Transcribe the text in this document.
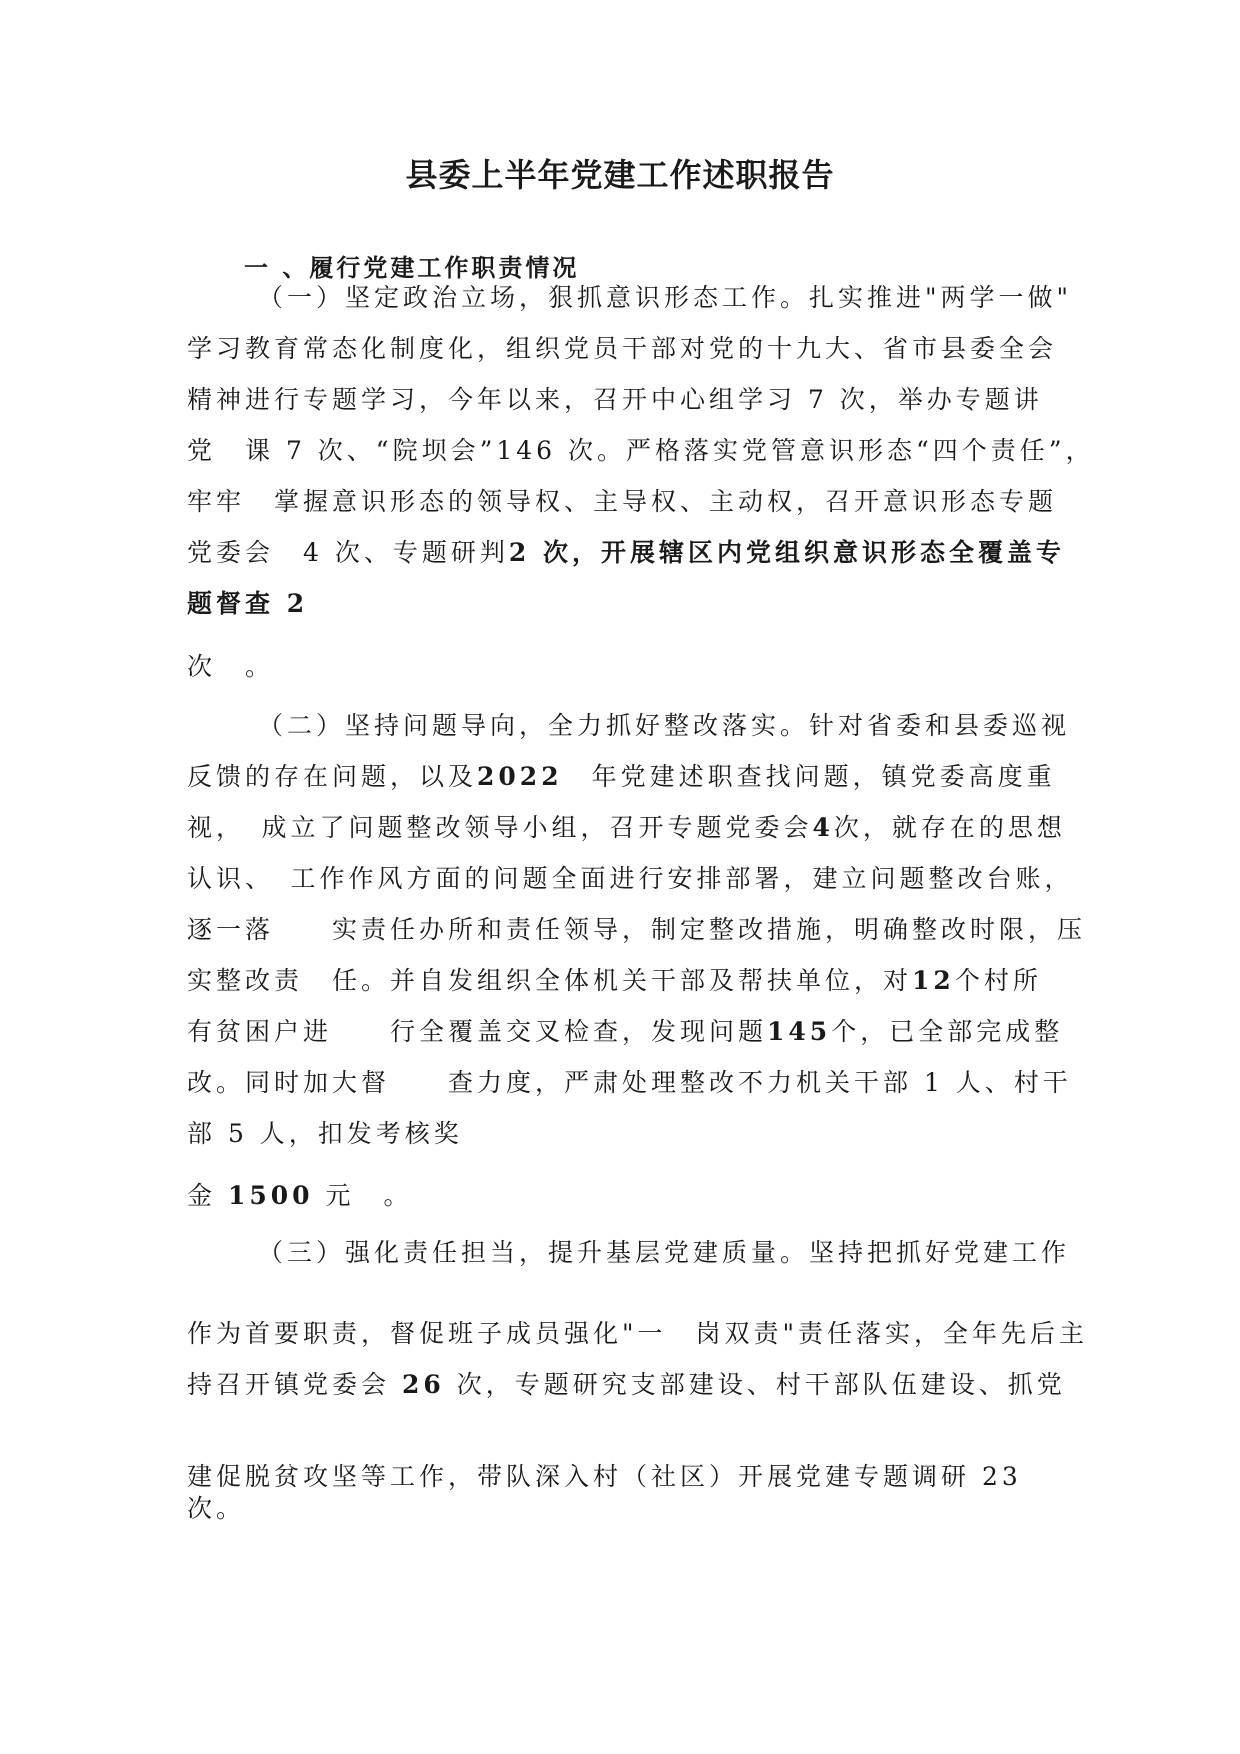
县委上半年党建工作述职报告
一 、履行党建工作职责情况

（一）坚定政治立场，狠抓意识形态工作。扎实推进"两学一做"

学习教育常态化制度化，组织党员干部对党的十九大、省市县委全会

精神进行专题学习，今年以来，召开中心组学习 7 次，举办专题讲

党　课 7 次、“院坝会”146 次。严格落实党管意识形态“四个责任”，

牢牢　掌握意识形态的领导权、主导权、主动权，召开意识形态专题

党委会　4 次、专题研判2 次，开展辖区内党组织意识形态全覆盖专

题督查 2

次　。

（二）坚持问题导向，全力抓好整改落实。针对省委和县委巡视

反馈的存在问题，以及2022　年党建述职查找问题，镇党委高度重

视，　成立了问题整改领导小组，召开专题党委会4次，就存在的思想

认识、　工作作风方面的问题全面进行安排部署，建立问题整改台账，

逐一落　　实责任办所和责任领导，制定整改措施，明确整改时限，压

实整改责　任。并自发组织全体机关干部及帮扶单位，对12个村所

有贫困户进　　行全覆盖交叉检查，发现问题145个，已全部完成整

改。同时加大督　　查力度，严肃处理整改不力机关干部 1 人、村干

部 5 人，扣发考核奖

金 1500 元　。

（三）强化责任担当，提升基层党建质量。坚持把抓好党建工作

作为首要职责，督促班子成员强化"一　岗双责"责任落实，全年先后主

持召开镇党委会 26 次，专题研究支部建设、村干部队伍建设、抓党

建促脱贫攻坚等工作，带队深入村（社区）开展党建专题调研 23

次。
